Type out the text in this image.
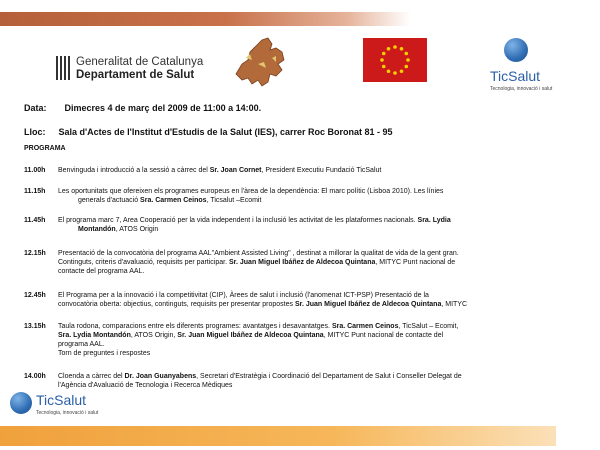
Generalitat de Catalunya
Departament de Salut	TicSalut
Tecnologia, innovació i salut
Data: Dimecres 4 de març del 2009 de 11:00 a 14:00.
Lloc: Sala d'Actes de l'Institut d'Estudis de la Salut (IES), carrer Roc Boronat 81 - 95
PROGRAMA
11.00h Benvinguda i introducció a la sessió a càrrec del Sr. Joan Cornet, President Executiu Fundació TicSalut
11.15h Les oportunitats que ofereixen els programes europeus en l'àrea de la dependència: El marc polític (Lisboa 2010). Les línies
generals d'actuació Sra. Carmen Ceinos, Ticsalut –Ecomit
11.45h El programa marc 7, Area Cooperació per la vida independent i la inclusió les activitat de les plataformes nacionals. Sra. Lydia
Montandón, ATOS Origin
12.15h Presentació de la convocatòria del programa AAL"Ambient Assisted Living" , destinat a millorar la qualitat de vida de la gent gran.
Continguts, criteris d'avaluació, requisits per participar. Sr. Juan Miguel Ibáñez de Aldecoa Quintana, MITYC Punt nacional de
contacte del programa AAL.
12.45h El Programa per a la innovació i la competitivitat (CIP), Àrees de salut i inclusió (l'anomenat ICT-PSP) Presentació de la
convocatòria oberta: objectius, continguts, requisits per presentar propostes Sr. Juan Miguel Ibáñez de Aldecoa Quintana, MITYC
13.15h Taula rodona, comparacions entre els diferents programes: avantatges i desavantatges. Sra. Carmen Ceinos, TicSalut – Ecomit,
Sra. Lydia Montandón, ATOS Origin, Sr. Juan Miguel Ibáñez de Aldecoa Quintana, MITYC Punt nacional de contacte del
programa AAL.
Torn de preguntes i respostes
14.00h Cloenda a càrrec del Dr. Joan Guanyabens, Secretari d'Estratègia i Coordinació del Departament de Salut i Conseller Delegat de
l'Agència d'Avaluació de Tecnologia i Recerca Mèdiques
TicSalut
Tecnologia, innovació i salut
